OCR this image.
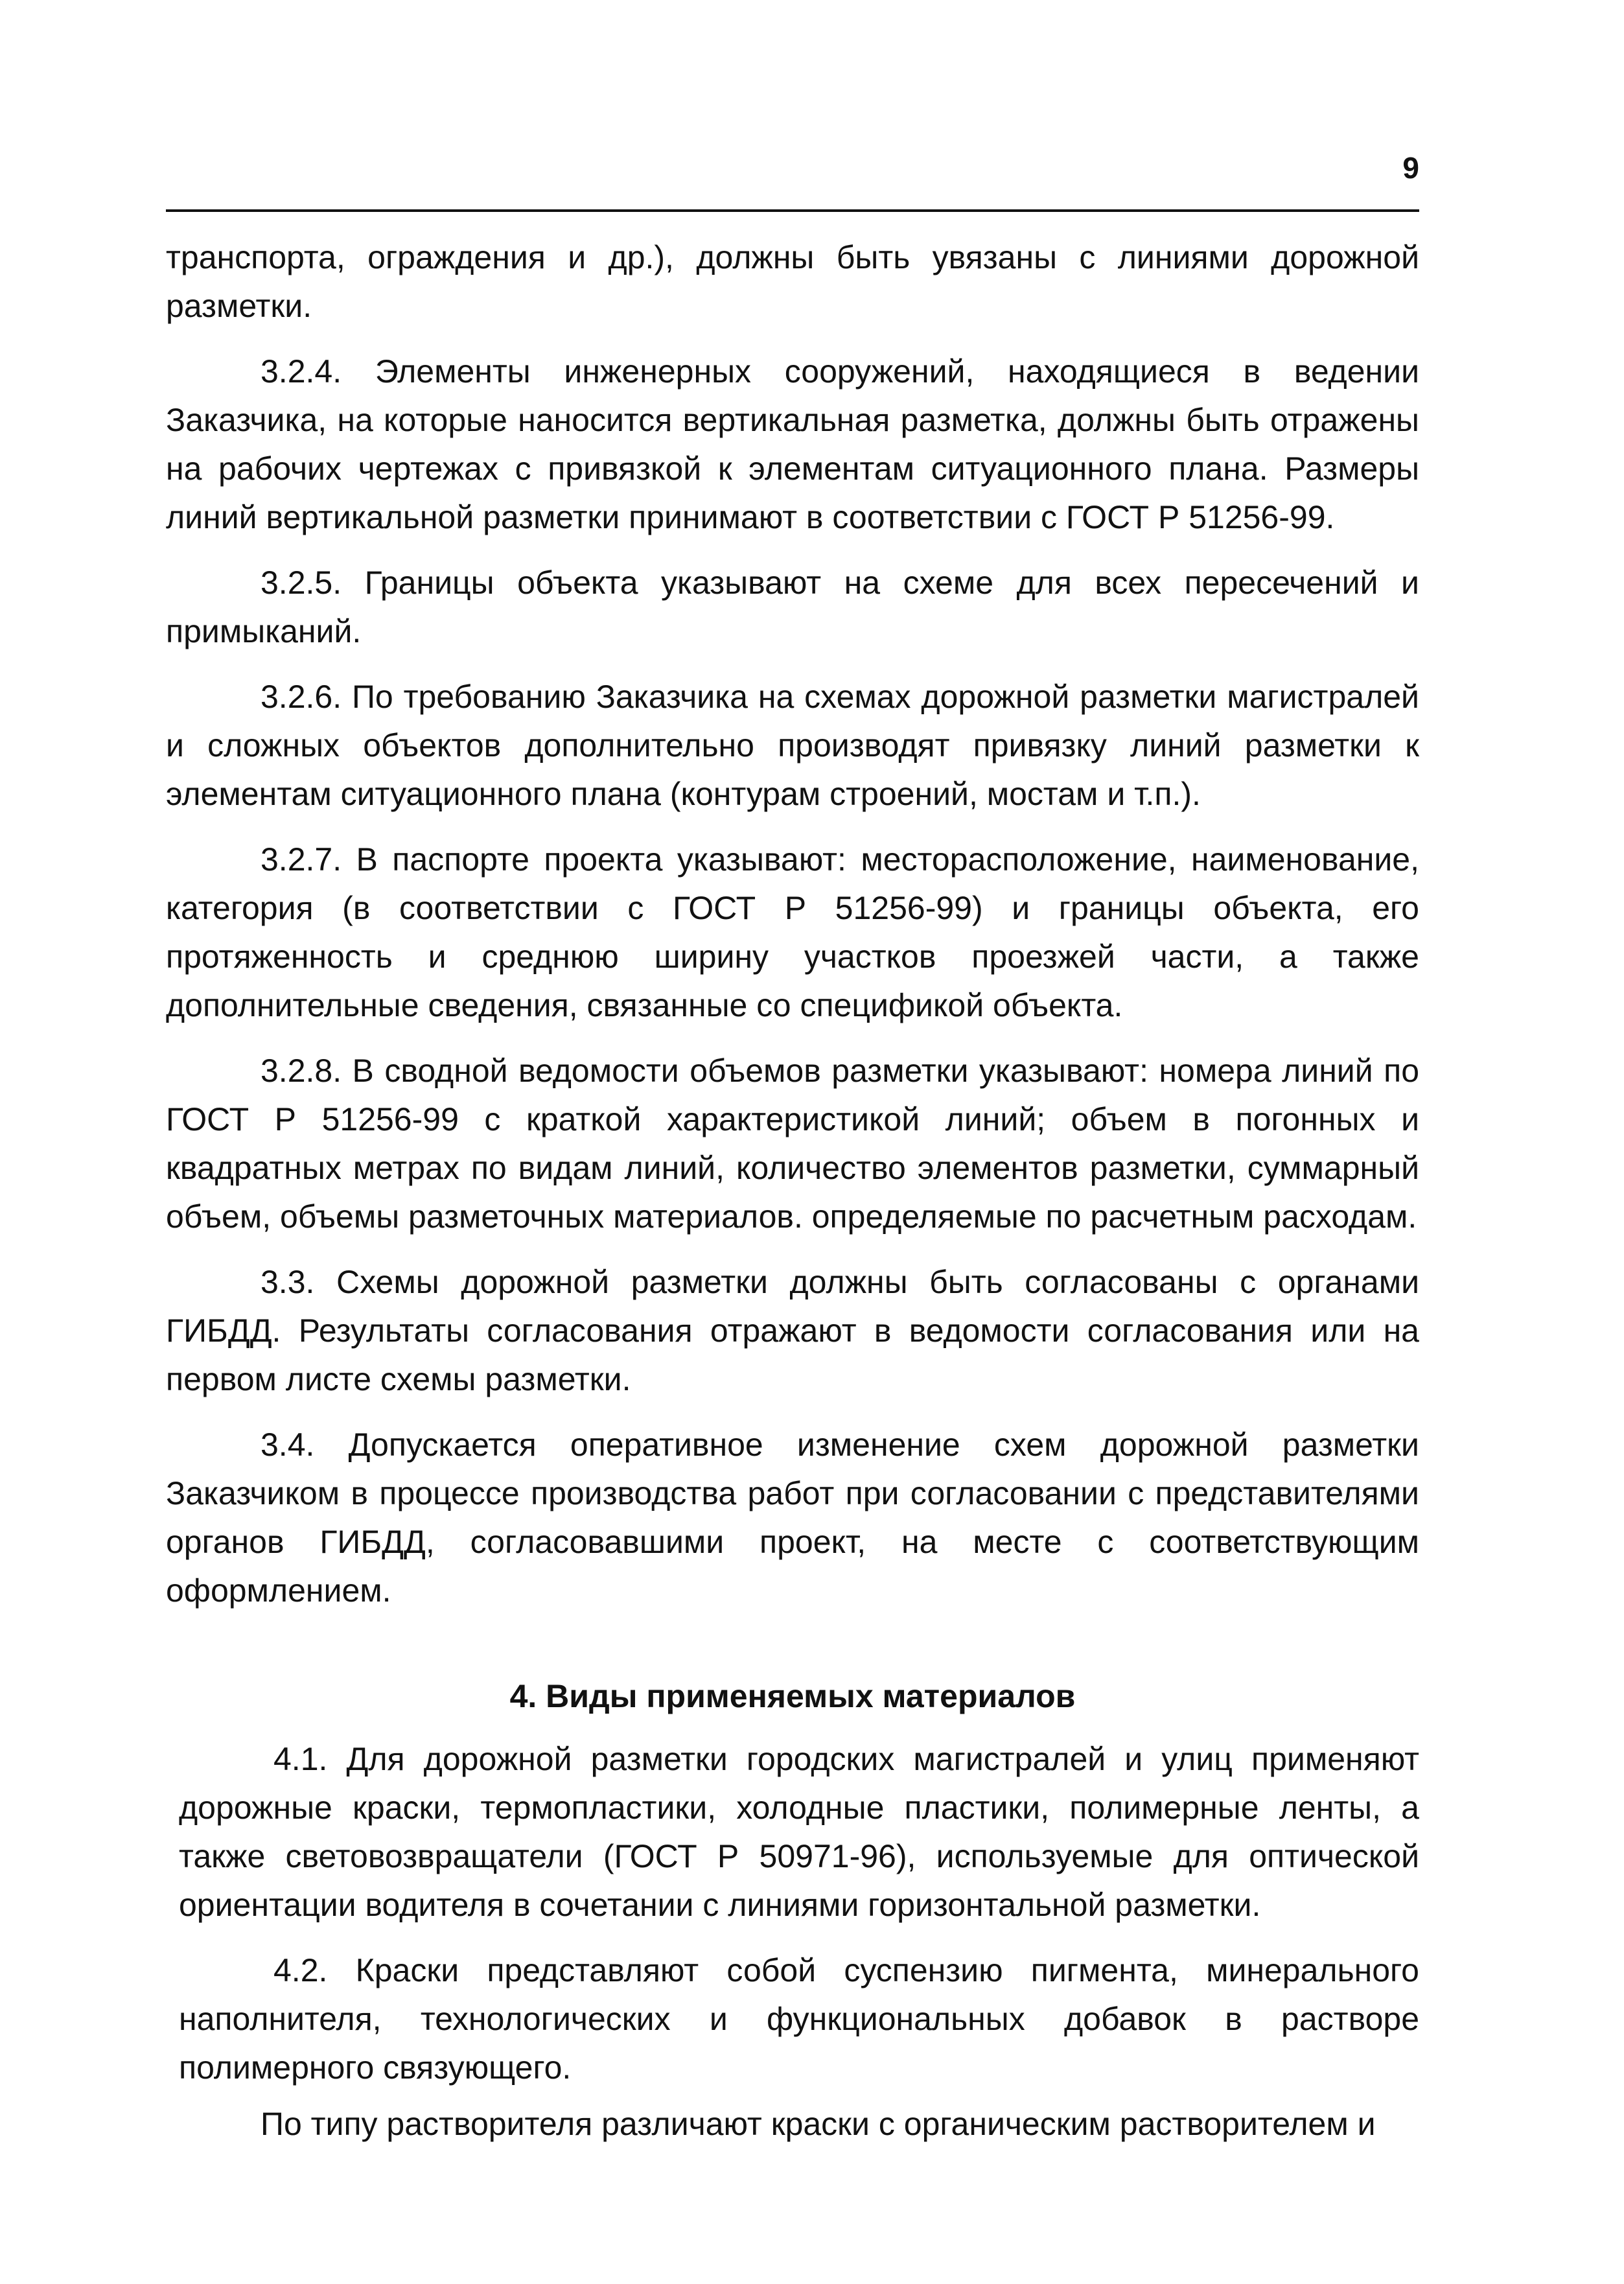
9

транспорта, ограждения и др.), должны быть увязаны с линиями дорожной разметки.

3.2.4. Элементы инженерных сооружений, находящиеся в ведении Заказчика, на которые наносится вертикальная разметка, должны быть отражены на рабочих чертежах с привязкой к элементам ситуационного плана. Размеры линий вертикальной разметки принимают в соответствии с ГОСТ Р 51256-99.

3.2.5. Границы объекта указывают на схеме для всех пересечений и примыканий.

3.2.6. По требованию Заказчика на схемах дорожной разметки магистралей и сложных объектов дополнительно производят привязку линий разметки к элементам ситуационного плана (контурам строений, мостам и т.п.).

3.2.7. В паспорте проекта указывают: месторасположение, наименование, категория (в соответствии с ГОСТ Р 51256-99) и границы объекта, его протяженность и среднюю ширину участков проезжей части, а также дополнительные сведения, связанные со спецификой объекта.

3.2.8. В сводной ведомости объемов разметки указывают: номера линий по ГОСТ Р 51256-99 с краткой характеристикой линий; объем в погонных и квадратных метрах по видам линий, количество элементов разметки, суммарный объем, объемы разметочных материалов. определяемые по расчетным расходам.

3.3. Схемы дорожной разметки должны быть согласованы с органами ГИБДД. Результаты согласования отражают в ведомости согласования или на первом листе схемы разметки.

3.4. Допускается оперативное изменение схем дорожной разметки Заказчиком в процессе производства работ при согласовании с представителями органов ГИБДД, согласовавшими проект, на месте с соответствующим оформлением.

4. Виды применяемых материалов

4.1. Для дорожной разметки городских магистралей и улиц применяют дорожные краски, термопластики, холодные пластики, полимерные ленты, а также световозвращатели (ГОСТ Р 50971-96), используемые для оптической ориентации водителя в сочетании с линиями горизонтальной разметки.

4.2. Краски представляют собой суспензию пигмента, минерального наполнителя, технологических и функциональных добавок в растворе полимерного связующего.

По типу растворителя различают краски с органическим растворителем и
